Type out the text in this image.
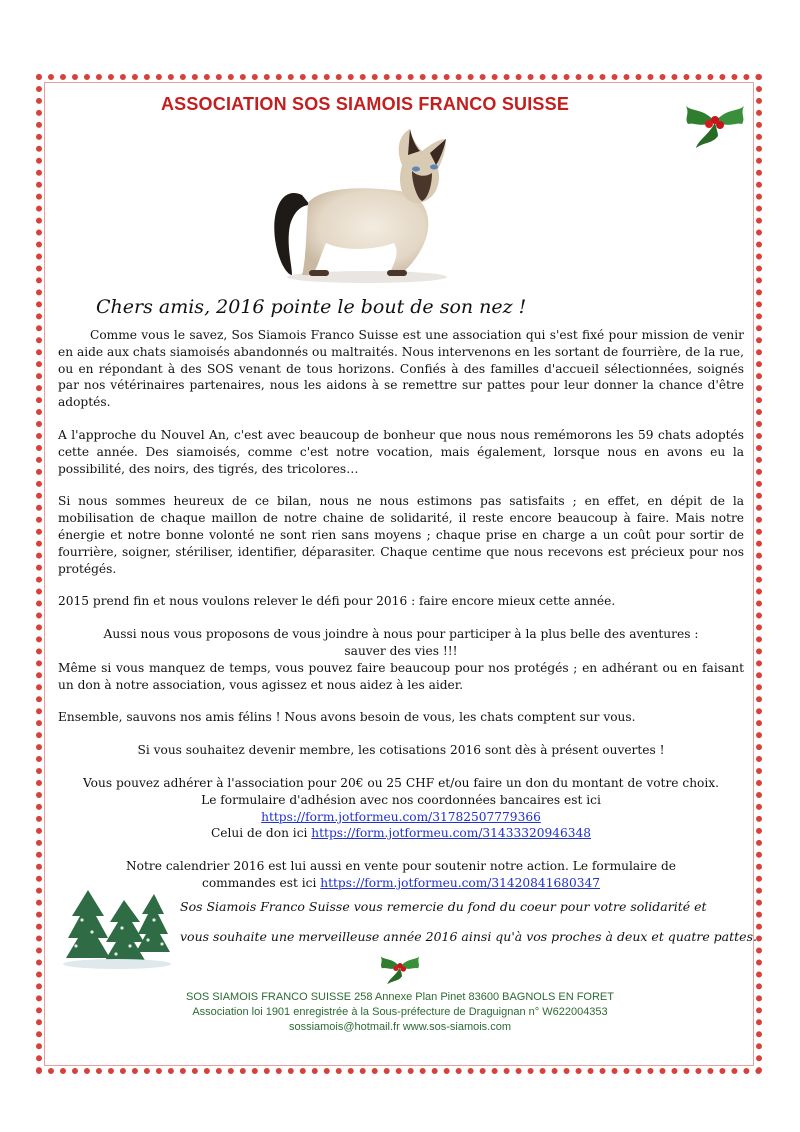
ASSOCIATION SOS SIAMOIS FRANCO SUISSE
Chers amis, 2016 pointe le bout de son nez !

Comme vous le savez, Sos Siamois Franco Suisse est une association qui s'est fixé pour mission de venir en aide aux chats siamoisés abandonnés ou maltraités. Nous intervenons en les sortant de fourrière, de la rue, ou en répondant à des SOS venant de tous horizons. Confiés à des familles d'accueil sélectionnées, soignés par nos vétérinaires partenaires, nous les aidons à se remettre sur pattes pour leur donner la chance d'être adoptés.

A l'approche du Nouvel An, c'est avec beaucoup de bonheur que nous nous remémorons les 59 chats adoptés cette année. Des siamoisés, comme c'est notre vocation, mais également, lorsque nous en avons eu la possibilité, des noirs, des tigrés, des tricolores…

Si nous sommes heureux de ce bilan, nous ne nous estimons pas satisfaits ; en effet, en dépit de la mobilisation de chaque maillon de notre chaine de solidarité, il reste encore beaucoup à faire. Mais notre énergie et notre bonne volonté ne sont rien sans moyens ; chaque prise en charge a un coût pour sortir de fourrière, soigner, stériliser, identifier, déparasiter. Chaque centime que nous recevons est précieux pour nos protégés.

2015 prend fin et nous voulons relever le défi pour 2016 : faire encore mieux cette année.

Aussi nous vous proposons de vous joindre à nous pour participer à la plus belle des aventures :

sauver des vies !!!

Même si vous manquez de temps, vous pouvez faire beaucoup pour nos protégés ; en adhérant ou en faisant un don à notre association, vous agissez et nous aidez à les aider.

Ensemble, sauvons nos amis félins ! Nous avons besoin de vous, les chats comptent sur vous.

Si vous souhaitez devenir membre, les cotisations 2016 sont dès à présent ouvertes !

Vous pouvez adhérer à l'association pour 20€ ou 25 CHF et/ou faire un don du montant de votre choix.

Le formulaire d'adhésion avec nos coordonnées bancaires est ici

https://form.jotformeu.com/31782507779366

Celui de don ici https://form.jotformeu.com/31433320946348

Notre calendrier 2016 est lui aussi en vente pour soutenir notre action. Le formulaire de

commandes est ici https://form.jotformeu.com/31420841680347

Sos Siamois Franco Suisse vous remercie du fond du coeur pour votre solidarité et
vous souhaite une merveilleuse année 2016 ainsi qu'à vos proches à deux et quatre pattes.
SOS SIAMOIS FRANCO SUISSE 258 Annexe Plan Pinet 83600 BAGNOLS EN FORET
Association loi 1901 enregistrée à la Sous-préfecture de Draguignan n° W622004353
sossiamois@hotmail.fr www.sos-siamois.com
